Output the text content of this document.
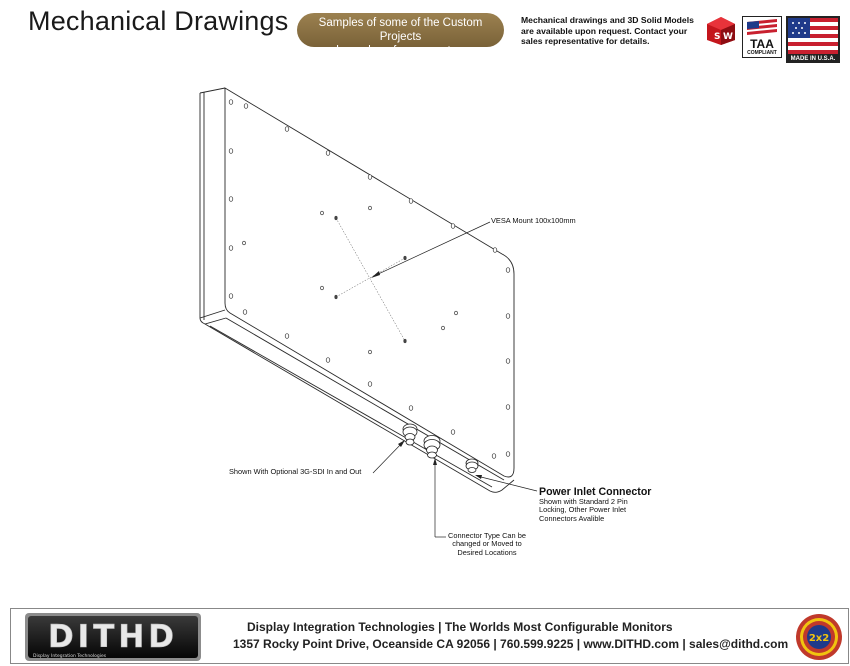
Mechanical Drawings	Samples of some of the Custom Projects
we have done for our customers
Mechanical drawings and 3D Solid Models
are available upon request. Contact your
sales representative for details.	S W	TAA
COMPLIANT
MADE IN U.S.A.
VESA Mount 100x100mm
Shown With Optional 3G-SDI In and Out
Power Inlet Connector
Shown with Standard 2 Pin
Locking, Other Power Inlet
Connectors Avalible
Connector Type Can be
changed or Moved to
Desired Locations
DITHD
Display Integration Technologies
Display Integration Technologies | The Worlds Most Configurable Monitors
1357 Rocky Point Drive, Oceanside CA 92056 | 760.599.9225 | www.DITHD.com | sales@dithd.com 2x2
